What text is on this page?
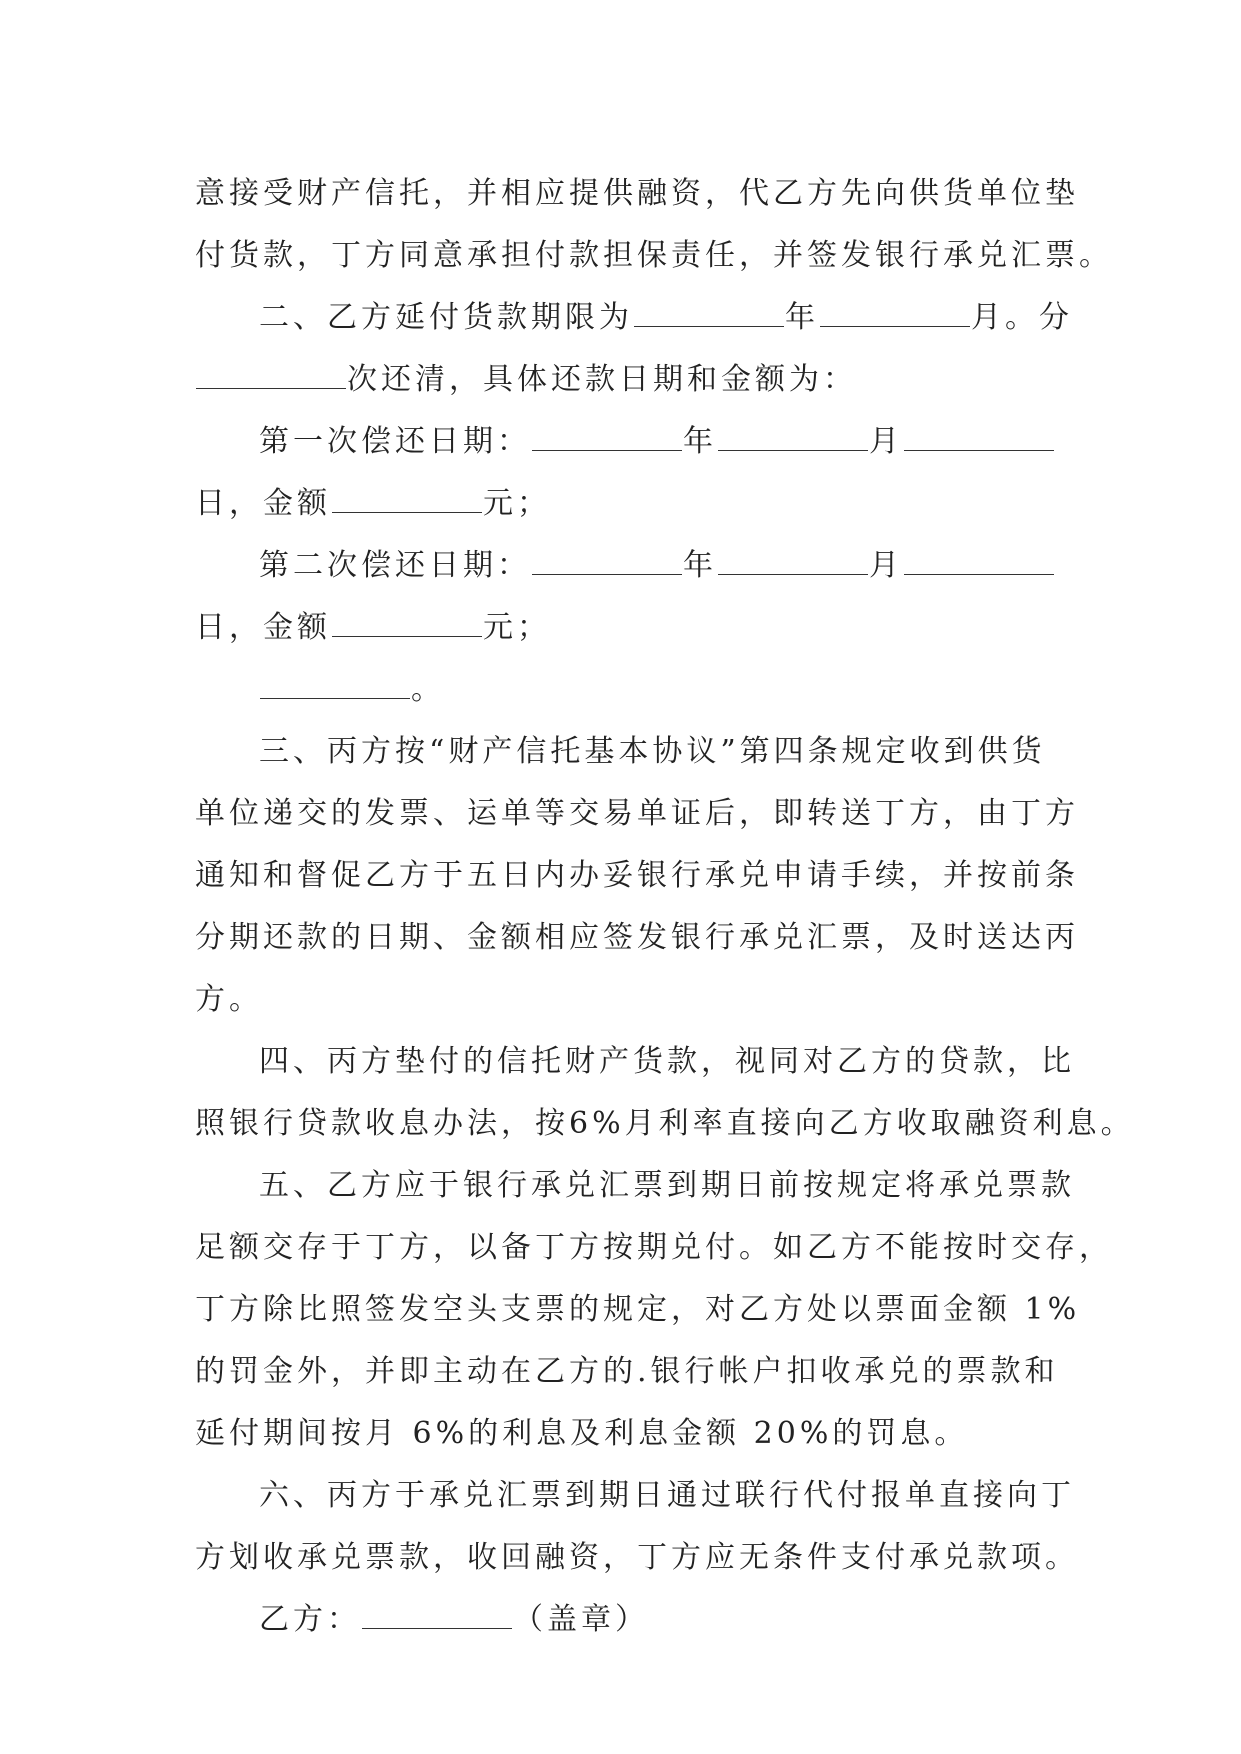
意接受财产信托，并相应提供融资，代乙方先向供货单位垫

付货款，丁方同意承担付款担保责任，并签发银行承兑汇票。

二、乙方延付货款期限为	年	月。分

次还清，具体还款日期和金额为：

第一次偿还日期：	年	月

日，金额	元；

第二次偿还日期：	年	月

日，金额	元；

。

三、丙方按“财产信托基本协议”第四条规定收到供货

单位递交的发票、运单等交易单证后，即转送丁方，由丁方

通知和督促乙方于五日内办妥银行承兑申请手续，并按前条

分期还款的日期、金额相应签发银行承兑汇票，及时送达丙

方。

四、丙方垫付的信托财产货款，视同对乙方的贷款，比

照银行贷款收息办法，按6%月利率直接向乙方收取融资利息。

五、乙方应于银行承兑汇票到期日前按规定将承兑票款

足额交存于丁方，以备丁方按期兑付。如乙方不能按时交存，

丁方除比照签发空头支票的规定，对乙方处以票面金额 1%

的罚金外，并即主动在乙方的.银行帐户扣收承兑的票款和

延付期间按月 6%的利息及利息金额 20%的罚息。

六、丙方于承兑汇票到期日通过联行代付报单直接向丁

方划收承兑票款，收回融资，丁方应无条件支付承兑款项。

乙方：	（盖章）
